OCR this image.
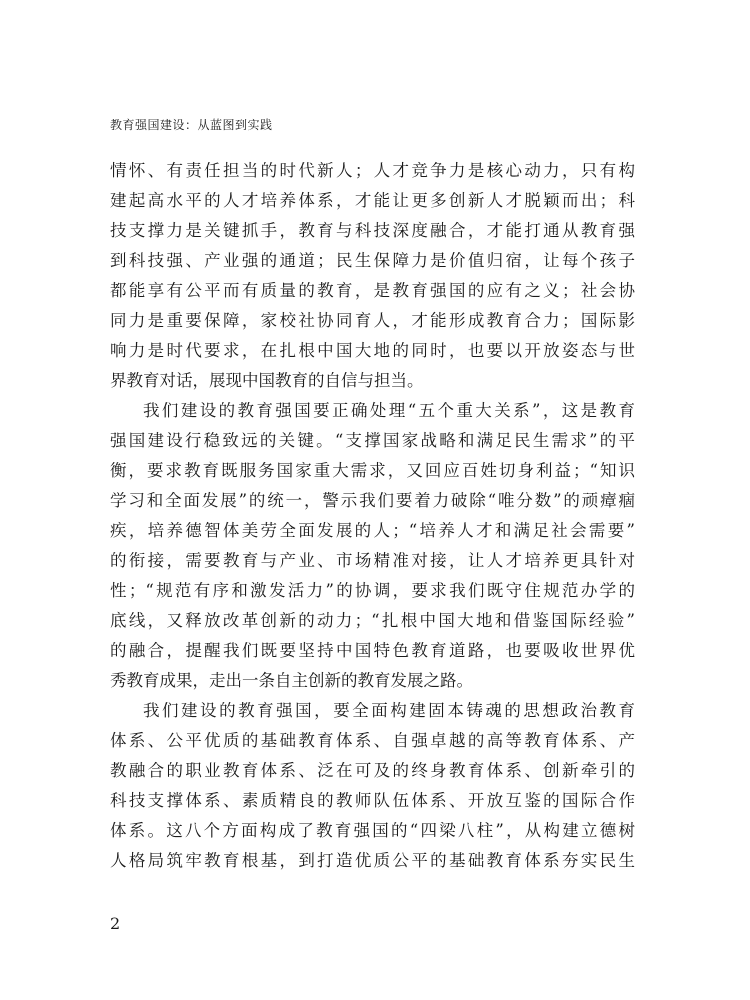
教育强国建设：从蓝图到实践
情怀、有责任担当的时代新人；人才竞争力是核心动力，只有构
建起高水平的人才培养体系，才能让更多创新人才脱颖而出；科
技支撑力是关键抓手，教育与科技深度融合，才能打通从教育强
到科技强、产业强的通道；民生保障力是价值归宿，让每个孩子
都能享有公平而有质量的教育，是教育强国的应有之义；社会协
同力是重要保障，家校社协同育人，才能形成教育合力；国际影
响力是时代要求，在扎根中国大地的同时，也要以开放姿态与世
界教育对话，展现中国教育的自信与担当。
我们建设的教育强国要正确处理“五个重大关系”，这是教育
强国建设行稳致远的关键。“支撑国家战略和满足民生需求”的平
衡，要求教育既服务国家重大需求，又回应百姓切身利益；“知识
学习和全面发展”的统一，警示我们要着力破除“唯分数”的顽瘴痼
疾，培养德智体美劳全面发展的人；“培养人才和满足社会需要”
的衔接，需要教育与产业、市场精准对接，让人才培养更具针对
性；“规范有序和激发活力”的协调，要求我们既守住规范办学的
底线，又释放改革创新的动力；“扎根中国大地和借鉴国际经验”
的融合，提醒我们既要坚持中国特色教育道路，也要吸收世界优
秀教育成果，走出一条自主创新的教育发展之路。
我们建设的教育强国，要全面构建固本铸魂的思想政治教育
体系、公平优质的基础教育体系、自强卓越的高等教育体系、产
教融合的职业教育体系、泛在可及的终身教育体系、创新牵引的
科技支撑体系、素质精良的教师队伍体系、开放互鉴的国际合作
体系。这八个方面构成了教育强国的“四梁八柱”，从构建立德树
人格局筑牢教育根基，到打造优质公平的基础教育体系夯实民生
2
